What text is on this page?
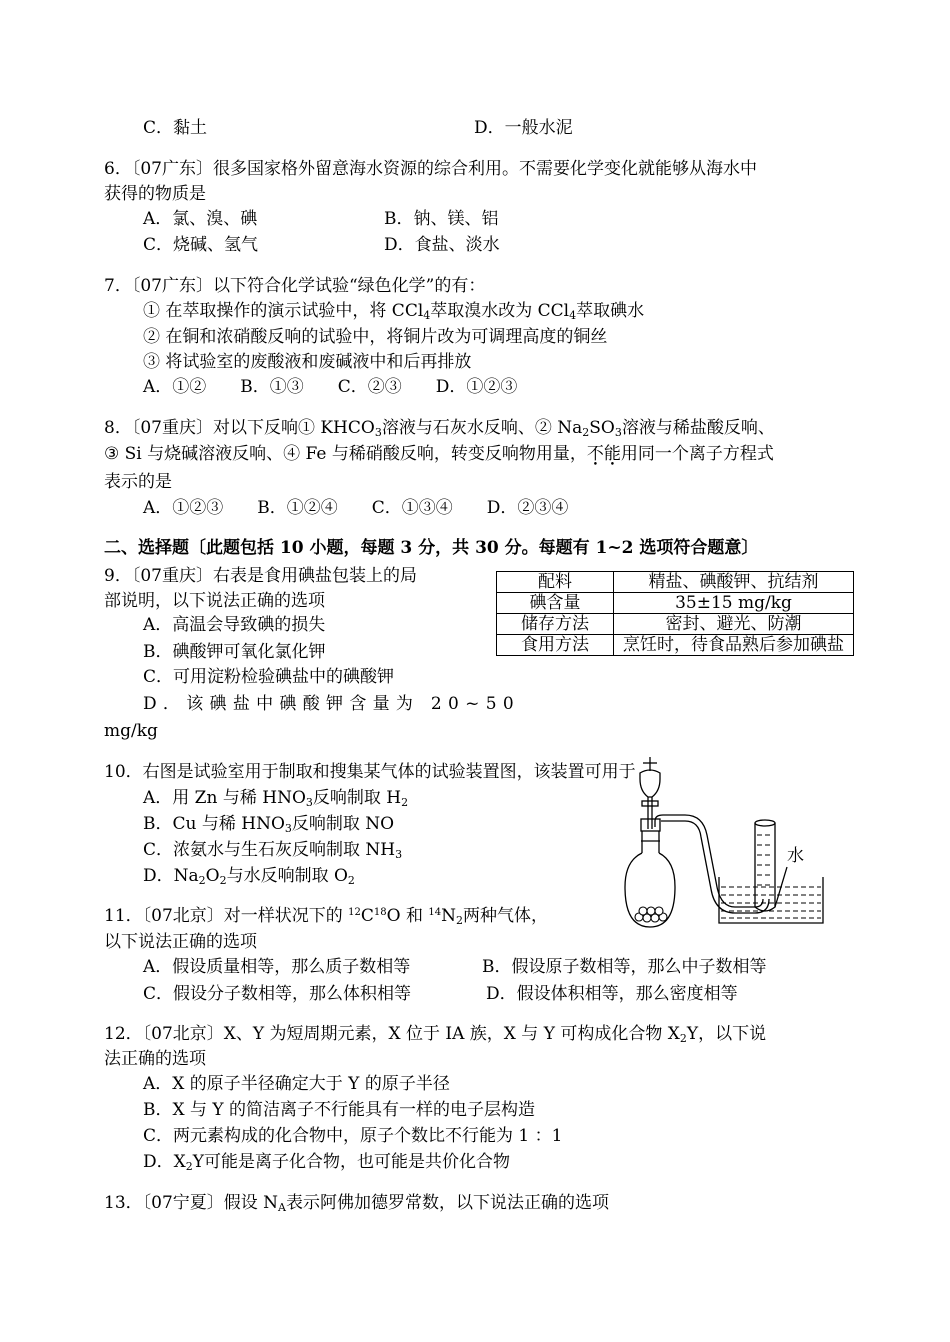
C．黏土	D．一般水泥
6．〔07广东〕很多国家格外留意海水资源的综合利用。不需要化学变化就能够从海水中
获得的物质是
A．氯、溴、碘	B．钠、镁、铝
C．烧碱、氢气	D．食盐、淡水
7．〔07广东〕以下符合化学试验“绿色化学”的有：
① 在萃取操作的演示试验中，将 CCl$_4$萃取溴水改为 CCl$_4$萃取碘水
② 在铜和浓硝酸反响的试验中，将铜片改为可调理高度的铜丝
③ 将试验室的废酸液和废碱液中和后再排放
A．①②　　B．①③　　C．②③　　D．①②③
8．〔07重庆〕对以下反响① $KHCO_3$溶液与石灰水反响、② $Na_2SO_3$溶液与稀盐酸反响、
③ Si 与烧碱溶液反响、④ Fe 与稀硝酸反响，转变反响物用量，不能用同一个离子方程式
表示的是
A．①②③　　B．①②④　　C．①③④　　D．②③④
二、选择题〔此题包括 10 小题，每题 3 分，共 30 分。每题有 1~2 选项符合题意〕
9．〔07重庆〕右表是食用碘盐包装上的局
部说明，以下说法正确的选项
A．高温会导致碘的损失
B．碘酸钾可氧化氯化钾
C．可用淀粉检验碘盐中的碘酸钾
D．该碘盐中碘酸钾含量为 20~50
mg/kg
配料	精盐、碘酸钾、抗结剂
碘含量	35±15 mg/kg
储存方法	密封、避光、防潮
食用方法	烹饪时，待食品熟后参加碘盐
10．右图是试验室用于制取和搜集某气体的试验装置图，该装置可用于
A．用 Zn 与稀 $HNO_3$反响制取 $H_2$
B．Cu 与稀 $HNO_3$反响制取 NO
C．浓氨水与生石灰反响制取 $NH_3$
D．$Na_2O_2$与水反响制取 $O_2$
水
11．〔07北京〕对一样状况下的 $^{12}C^{18}O$ 和 $^{14}N_2$两种气体，
以下说法正确的选项
A．假设质量相等，那么质子数相等	B．假设原子数相等，那么中子数相等
C．假设分子数相等，那么体积相等	D．假设体积相等，那么密度相等
12．〔07北京〕X、Y 为短周期元素，X 位于 IA 族，X 与 Y 可构成化合物 $X_2Y$，以下说
法正确的选项
A．X 的原子半径确定大于 Y 的原子半径
B．X 与 Y 的简洁离子不行能具有一样的电子层构造
C．两元素构成的化合物中，原子个数比不行能为 1 ：1
D．$X_2Y$可能是离子化合物，也可能是共价化合物
13．〔07宁夏〕假设 $N_A$表示阿佛加德罗常数，以下说法正确的选项
